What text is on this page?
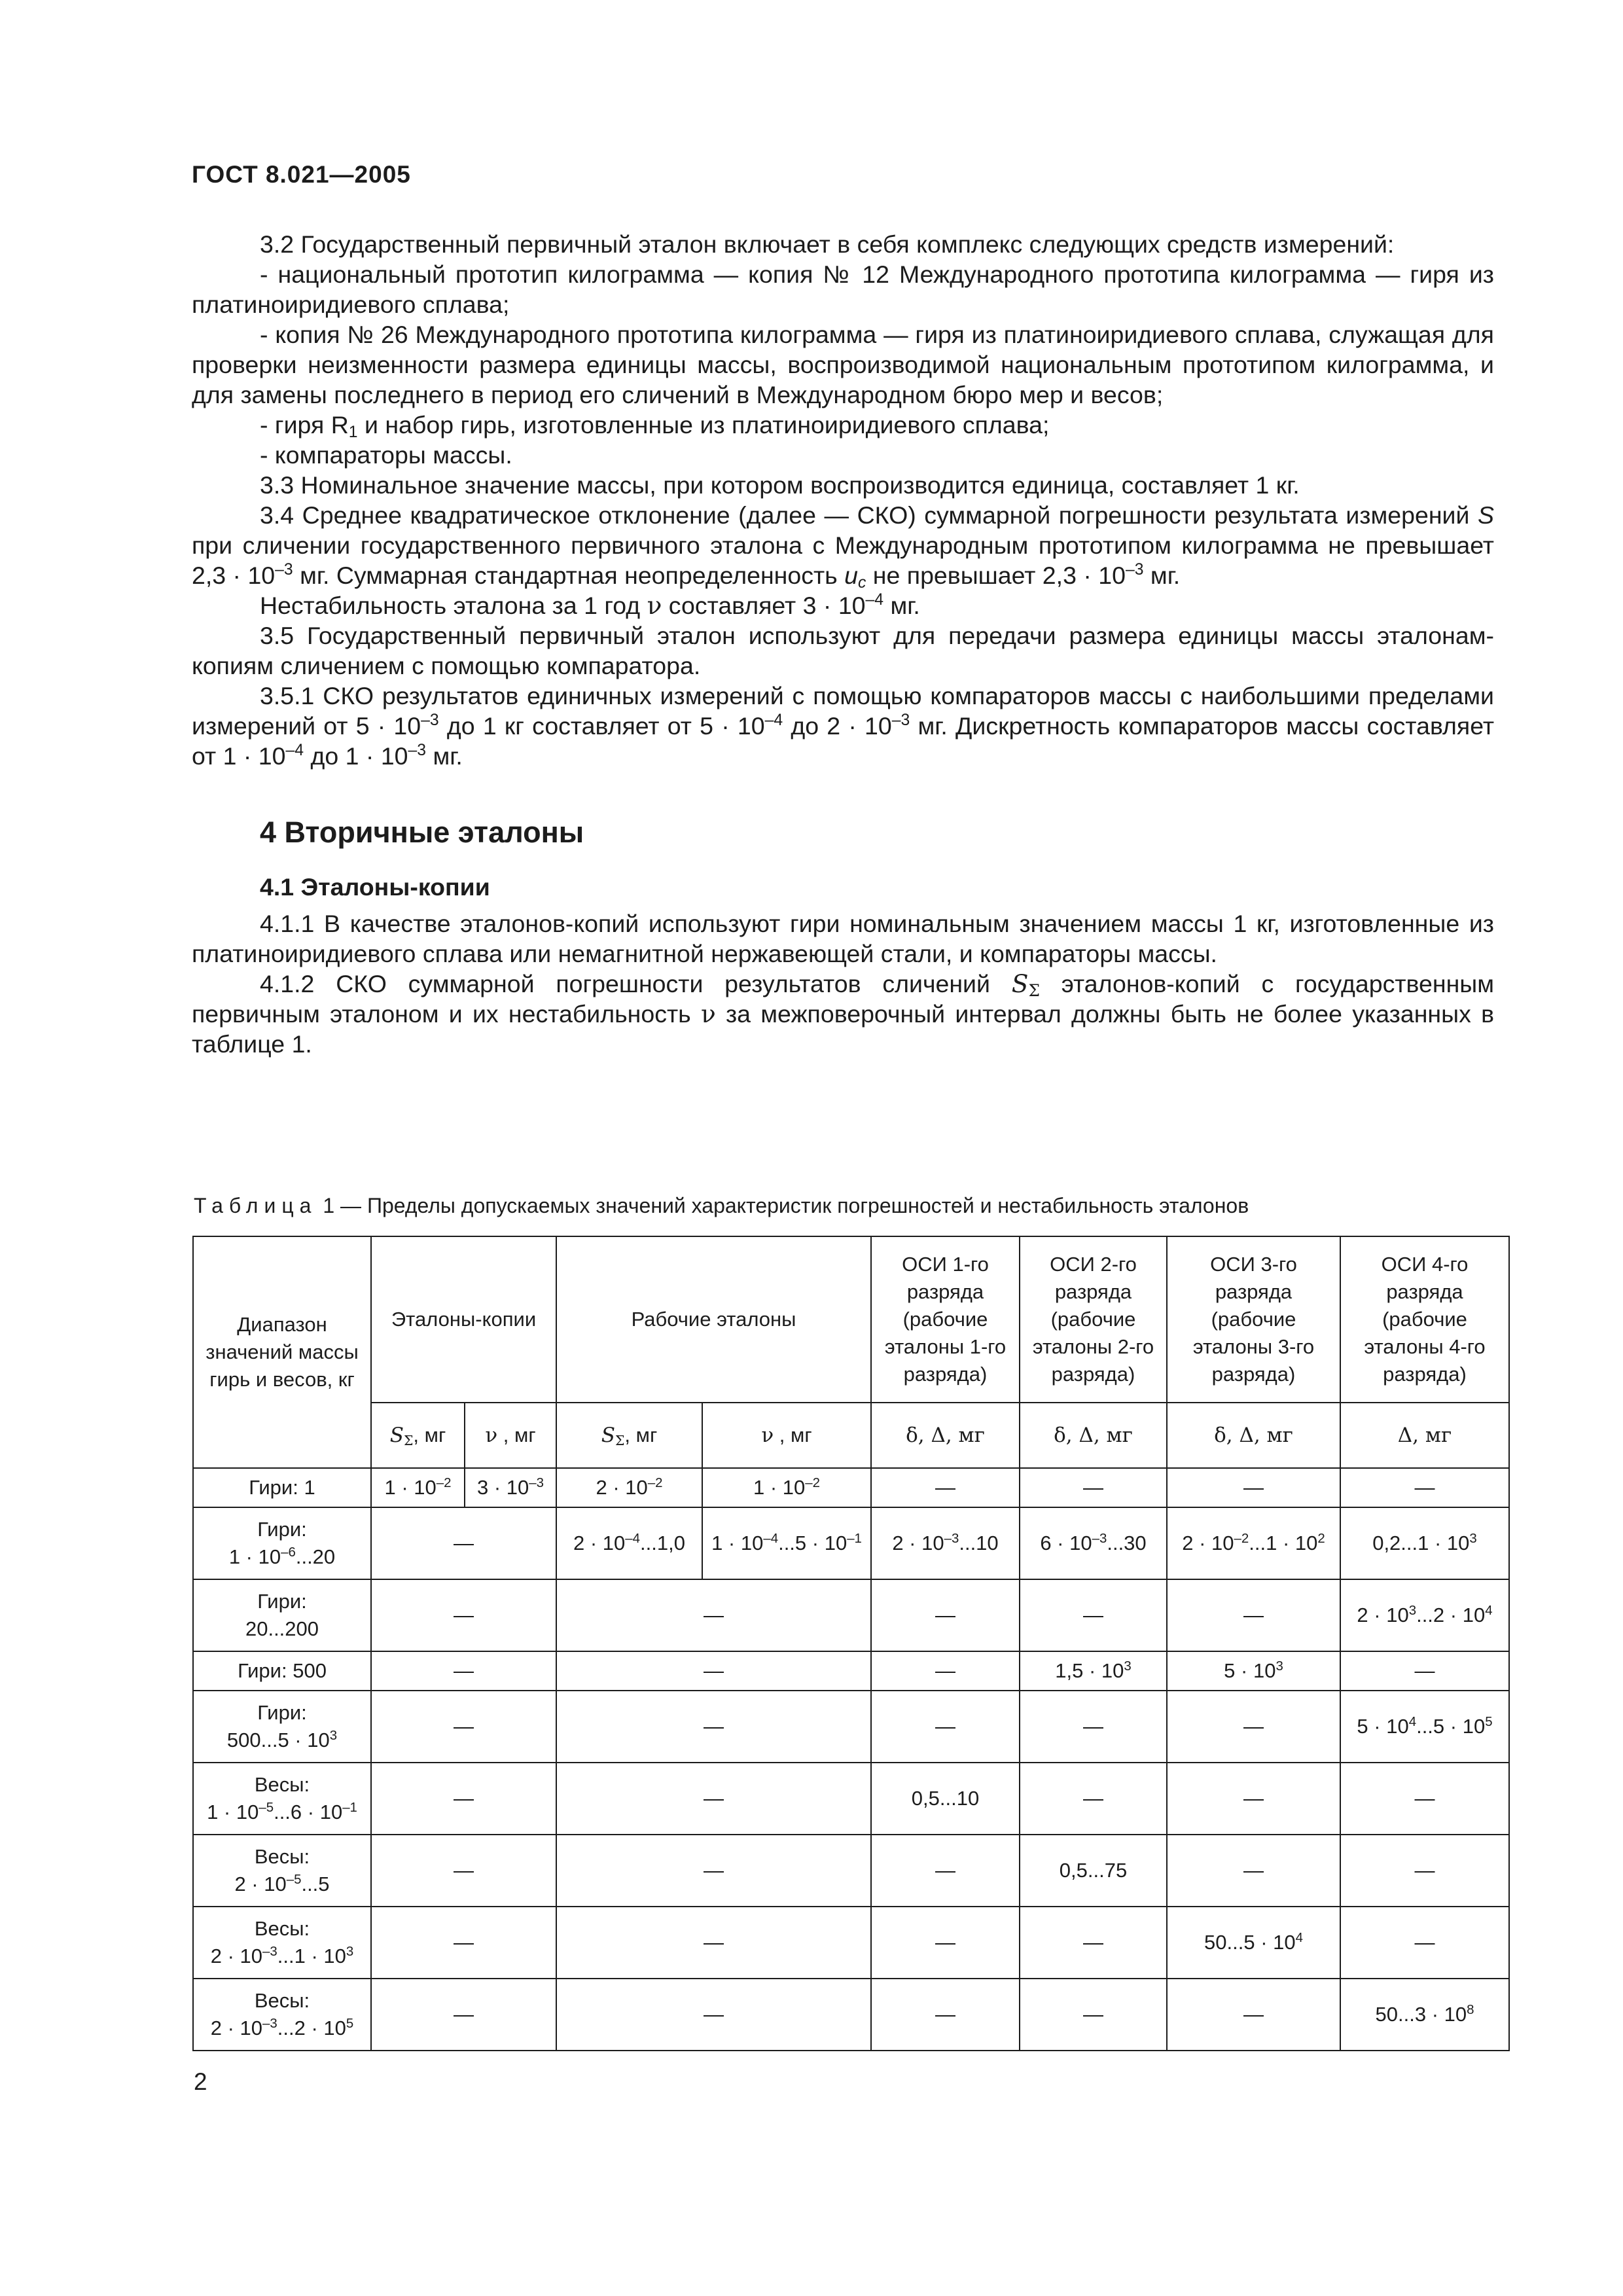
ГОСТ 8.021—2005

3.2 Государственный первичный эталон включает в себя комплекс следующих средств измерений:

- национальный прототип килограмма — копия № 12 Международного прототипа килограмма — гиря из платиноиридиевого сплава;

- копия № 26 Международного прототипа килограмма — гиря из платиноиридиевого сплава, служащая для проверки неизменности размера единицы массы, воспроизводимой национальным прототипом килограмма, и для замены последнего в период его сличений в Международном бюро мер и весов;

- гиря $R_1$ и набор гирь, изготовленные из платиноиридиевого сплава;

- компараторы массы.

3.3 Номинальное значение массы, при котором воспроизводится единица, составляет 1 кг.

3.4 Среднее квадратическое отклонение (далее — СКО) суммарной погрешности результата измерений S при сличении государственного первичного эталона с Международным прототипом килограмма не превышает $2,3 \cdot 10^{-3}$ мг. Суммарная стандартная неопределенность $u_c$ не превышает $2,3 \cdot 10^{-3}$ мг.

Нестабильность эталона за 1 год ν составляет $3 \cdot 10^{-4}$ мг.

3.5 Государственный первичный эталон используют для передачи размера единицы массы эталонам-копиям сличением с помощью компаратора.

3.5.1 СКО результатов единичных измерений с помощью компараторов массы с наибольшими пределами измерений от $5 \cdot 10^{-3}$ до 1 кг составляет от $5 \cdot 10^{-4}$ до $2 \cdot 10^{-3}$ мг. Дискретность компараторов массы составляет от $1 \cdot 10^{-4}$ до $1 \cdot 10^{-3}$ мг.

4 Вторичные эталоны
4.1 Эталоны-копии

4.1.1 В качестве эталонов-копий используют гири номинальным значением массы 1 кг, изготовленные из платиноиридиевого сплава или немагнитной нержавеющей стали, и компараторы массы.

4.1.2 СКО суммарной погрешности результатов сличений $S_\Sigma$ эталонов-копий с государственным первичным эталоном и их нестабильность ν за межповерочный интервал должны быть не более указанных в таблице 1.

Таблица 1 — Пределы допускаемых значений характеристик погрешностей и нестабильность эталонов
Диапазон значений массы гирь и весов, кг	Эталоны-копии		Рабочие эталоны		ОСИ 1-го разряда (рабочие эталоны 1-го разряда)	ОСИ 2-го разряда (рабочие эталоны 2-го разряда)	ОСИ 3-го разряда (рабочие эталоны 3-го разряда)	ОСИ 4-го разряда (рабочие эталоны 4-го разряда)
	$S_\Sigma$, мг	ν , мг	$S_\Sigma$, мг	ν , мг	δ, Δ, мг	δ, Δ, мг	δ, Δ, мг	Δ, мг
Гири: 1	$1 \cdot 10^{-2}$	$3 \cdot 10^{-3}$	$2 \cdot 10^{-2}$	$1 \cdot 10^{-2}$	—	—	—	—
Гири:
$1 \cdot 10^{-6}...20$	—		$2 \cdot 10^{-4}...1,0$	$1 \cdot 10^{-4}...5 \cdot 10^{-1}$	$2 \cdot 10^{-3}...10$	$6 \cdot 10^{-3}...30$	$2 \cdot 10^{-2}...1 \cdot 10^2$	$0,2...1 \cdot 10^3$
Гири:
20...200	—		—		—	—	—	$2 \cdot 10^3...2 \cdot 10^4$
Гири: 500	—		—		—	$1,5 \cdot 10^3$	$5 \cdot 10^3$	—
Гири:
$500...5 \cdot 10^3$	—		—		—	—	—	$5 \cdot 10^4...5 \cdot 10^5$
Весы:
$1 \cdot 10^{-5}...6 \cdot 10^{-1}$	—		—		0,5...10	—	—	—
Весы:
$2 \cdot 10^{-5}...5$	—		—		—	0,5...75	—	—
Весы:
$2 \cdot 10^{-3}...1 \cdot 10^3$	—		—		—	—	$50...5 \cdot 10^4$	—
Весы:
$2 \cdot 10^{-3}...2 \cdot 10^5$	—		—		—	—	—	$50...3 \cdot 10^8$
2
